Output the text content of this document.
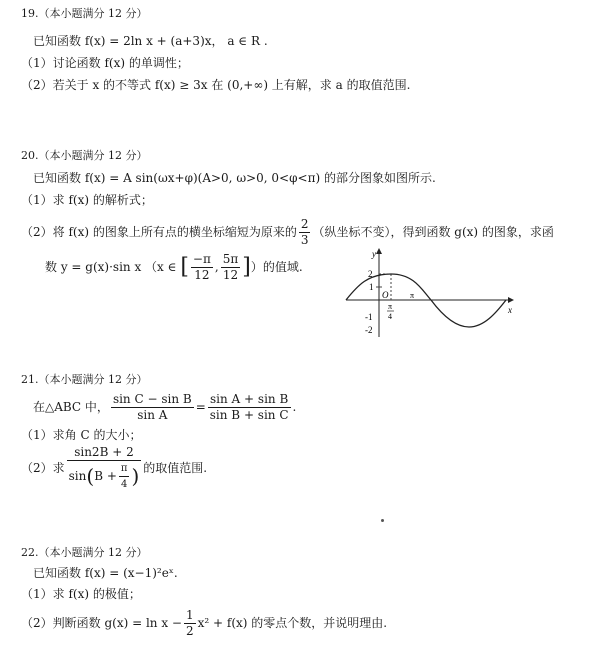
19.（本小题满分 12 分）
已知函数 f(x) = 2ln x + (a+3)x， a ∈ R .
（1）讨论函数 f(x) 的单调性；
（2）若关于 x 的不等式 f(x) ≥ 3x 在 (0,+∞) 上有解，求 a 的取值范围.
20.（本小题满分 12 分）
已知函数 f(x) = A sin(ωx+φ)(A>0, ω>0, 0<φ<π) 的部分图象如图所示.
（1）求 f(x) 的解析式；
（2）将 f(x) 的图象上所有点的横坐标缩短为原来的 $\frac{2}{3}$ （纵坐标不变），得到函数 g(x) 的图象，求函
数 y = g(x)·sin x （x ∈ [ $\frac{-\pi}{12}$ , $\frac{5\pi}{12}$ ]）的值域.
y
x
2
1
O
-1
-2
π
4
π
21.（本小题满分 12 分）
在△ABC 中， $\frac{\text{sin C − sin B}}{\text{sin A}} = \frac{\text{sin A + sin B}}{\text{sin B + sin C}}$ .
（1）求角 C 的大小；
（2）求 $\frac{\sin 2B + 2}{\sin(B + \frac{\pi}{4} )}$ 的取值范围.
22.（本小题满分 12 分）
已知函数 f(x) = (x−1)²eˣ.
（1）求 f(x) 的极值；
（2）判断函数 $g(x) = \ln x - \frac{1}{2} x^2 + f(x)$ 的零点个数，并说明理由.
